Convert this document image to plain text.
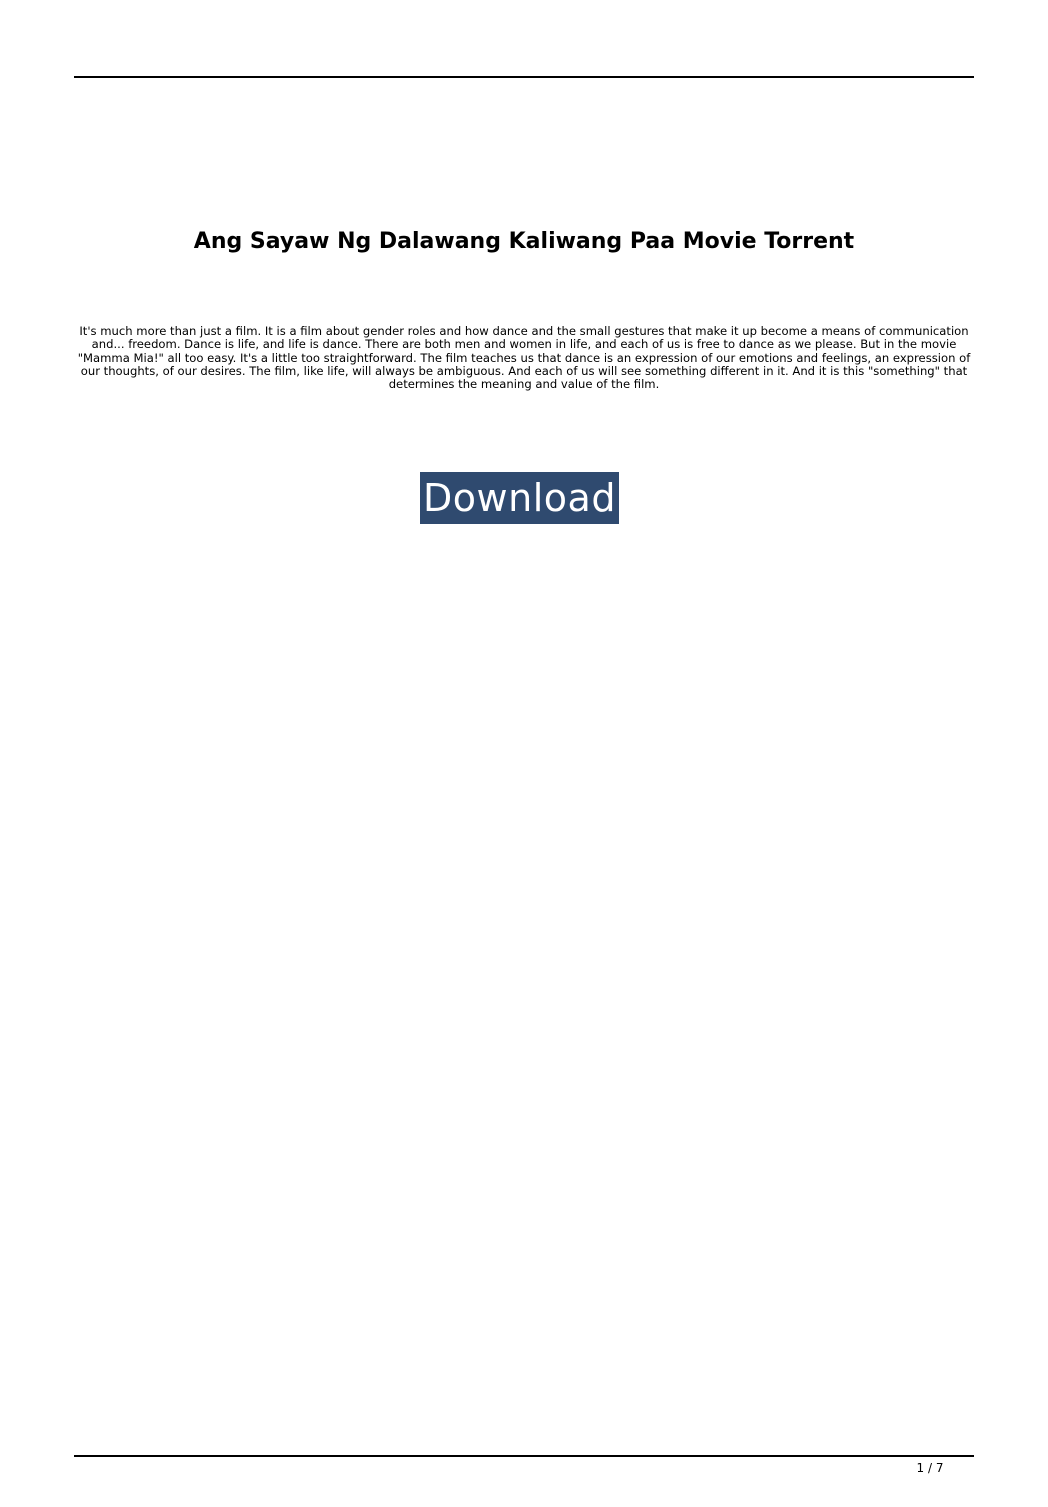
Ang Sayaw Ng Dalawang Kaliwang Paa Movie Torrent

It's much more than just a film. It is a film about gender roles and how dance and the small gestures that make it up become a means of communication and... freedom. Dance is life, and life is dance. There are both men and women in life, and each of us is free to dance as we please. But in the movie "Mamma Mia!" all too easy. It's a little too straightforward. The film teaches us that dance is an expression of our emotions and feelings, an expression of our thoughts, of our desires. The film, like life, will always be ambiguous. And each of us will see something different in it. And it is this "something" that determines the meaning and value of the film.

Download
1 / 7
